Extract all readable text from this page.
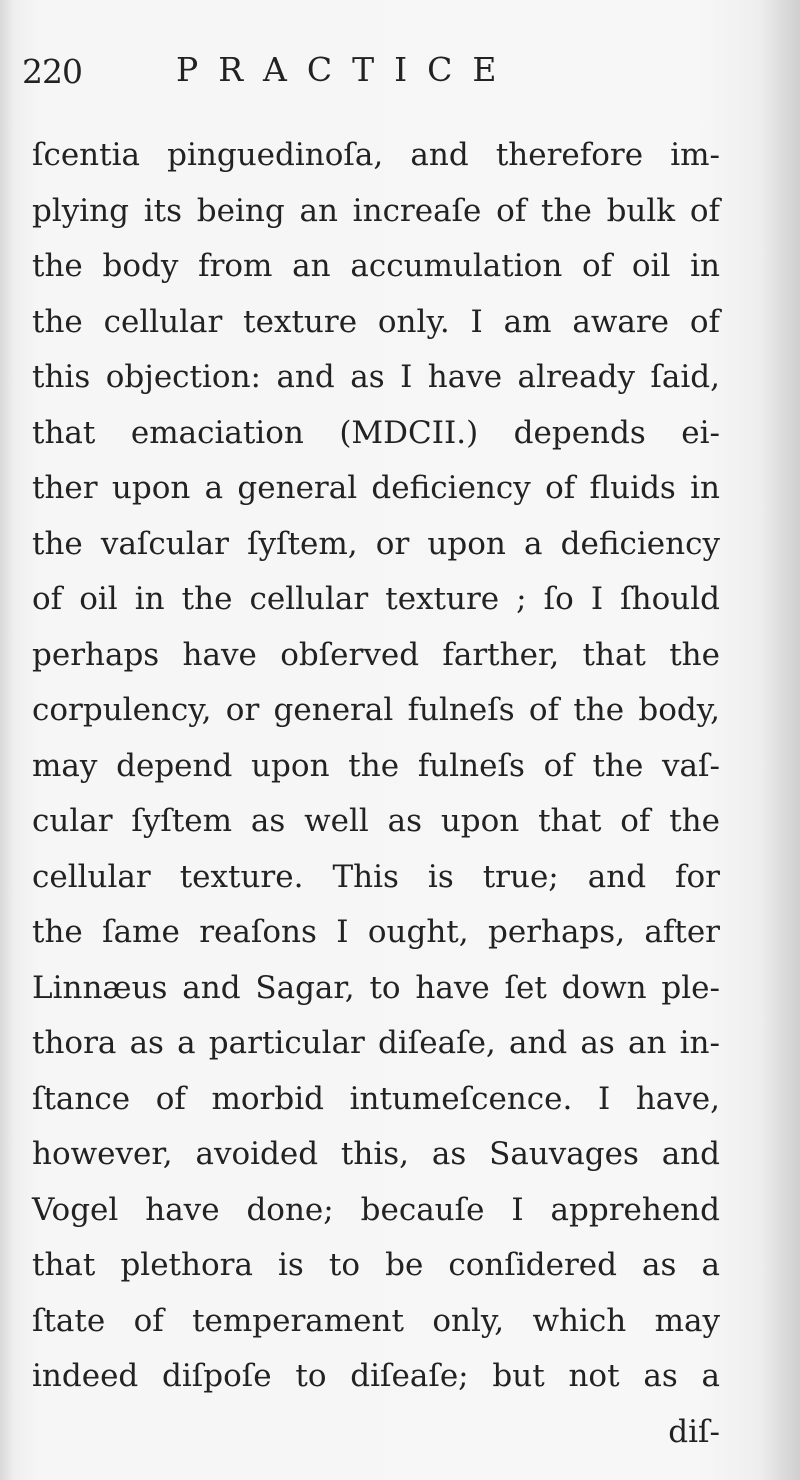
220	PRACTICE
ſcentia pinguedinoſa, and therefore im-
plying its being an increaſe of the bulk of
the body from an accumulation of oil in
the cellular texture only. I am aware of
this objection: and as I have already ſaid,
that emaciation (MDCII.) depends ei-
ther upon a general deficiency of fluids in
the vaſcular ſyſtem, or upon a deficiency
of oil in the cellular texture ; ſo I ſhould
perhaps have obſerved farther, that the
corpulency, or general fulneſs of the body,
may depend upon the fulneſs of the vaſ-
cular ſyſtem as well as upon that of the
cellular texture. This is true; and for
the ſame reaſons I ought, perhaps, after
Linnæus and Sagar, to have ſet down ple-
thora as a particular diſeaſe, and as an in-
ſtance of morbid intumeſcence. I have,
however, avoided this, as Sauvages and
Vogel have done; becauſe I apprehend
that plethora is to be conſidered as a
ſtate of temperament only, which may
indeed diſpoſe to diſeaſe; but not as a
diſ-
